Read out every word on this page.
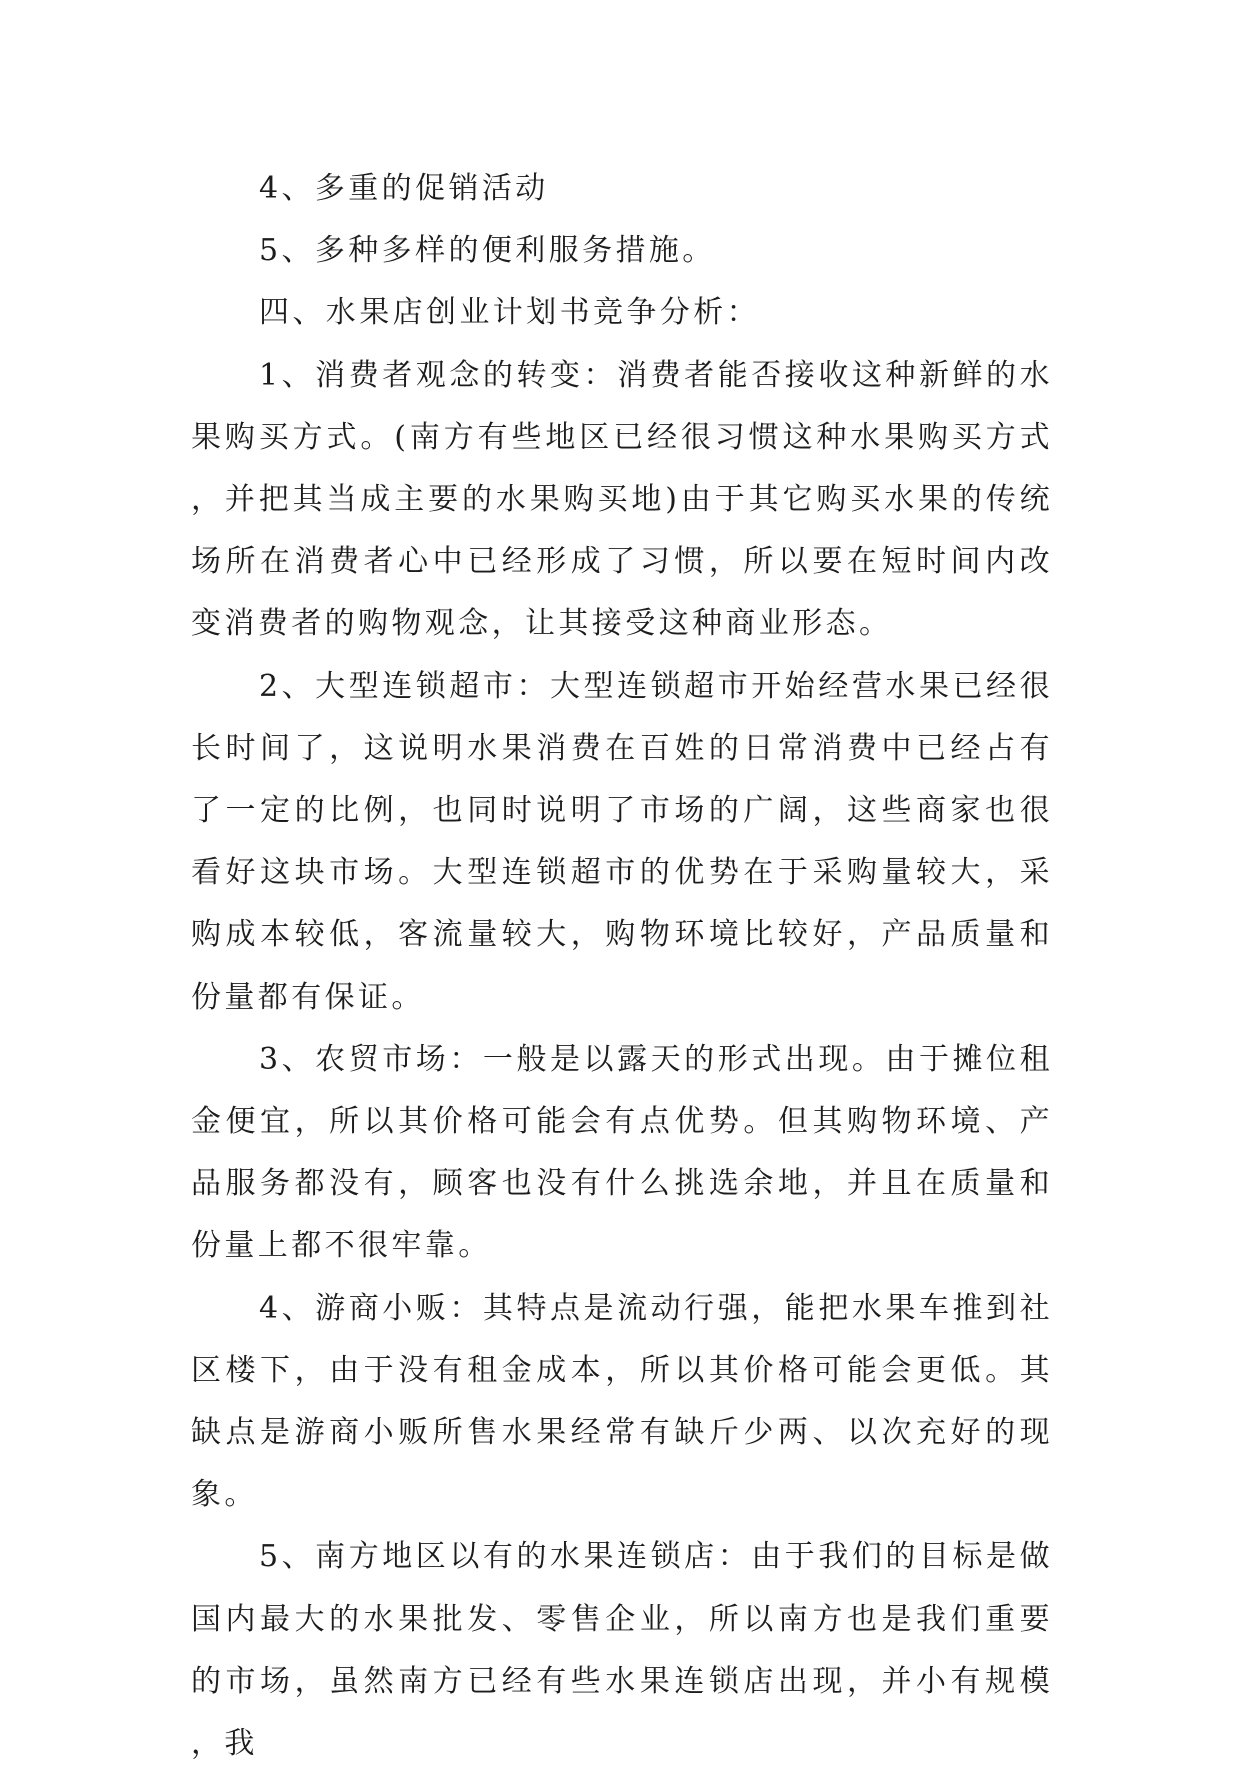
4、多重的促销活动

5、多种多样的便利服务措施。

四、水果店创业计划书竞争分析：

1、消费者观念的转变：消费者能否接收这种新鲜的水果购买方式。(南方有些地区已经很习惯这种水果购买方式，并把其当成主要的水果购买地)由于其它购买水果的传统场所在消费者心中已经形成了习惯，所以要在短时间内改变消费者的购物观念，让其接受这种商业形态。

2、大型连锁超市：大型连锁超市开始经营水果已经很长时间了，这说明水果消费在百姓的日常消费中已经占有了一定的比例，也同时说明了市场的广阔，这些商家也很看好这块市场。大型连锁超市的优势在于采购量较大，采购成本较低，客流量较大，购物环境比较好，产品质量和份量都有保证。

3、农贸市场：一般是以露天的形式出现。由于摊位租金便宜，所以其价格可能会有点优势。但其购物环境、产品服务都没有，顾客也没有什么挑选余地，并且在质量和份量上都不很牢靠。

4、游商小贩：其特点是流动行强，能把水果车推到社区楼下，由于没有租金成本，所以其价格可能会更低。其缺点是游商小贩所售水果经常有缺斤少两、以次充好的现象。

5、南方地区以有的水果连锁店：由于我们的目标是做国内最大的水果批发、零售企业，所以南方也是我们重要的市场，虽然南方已经有些水果连锁店出现，并小有规模，我
